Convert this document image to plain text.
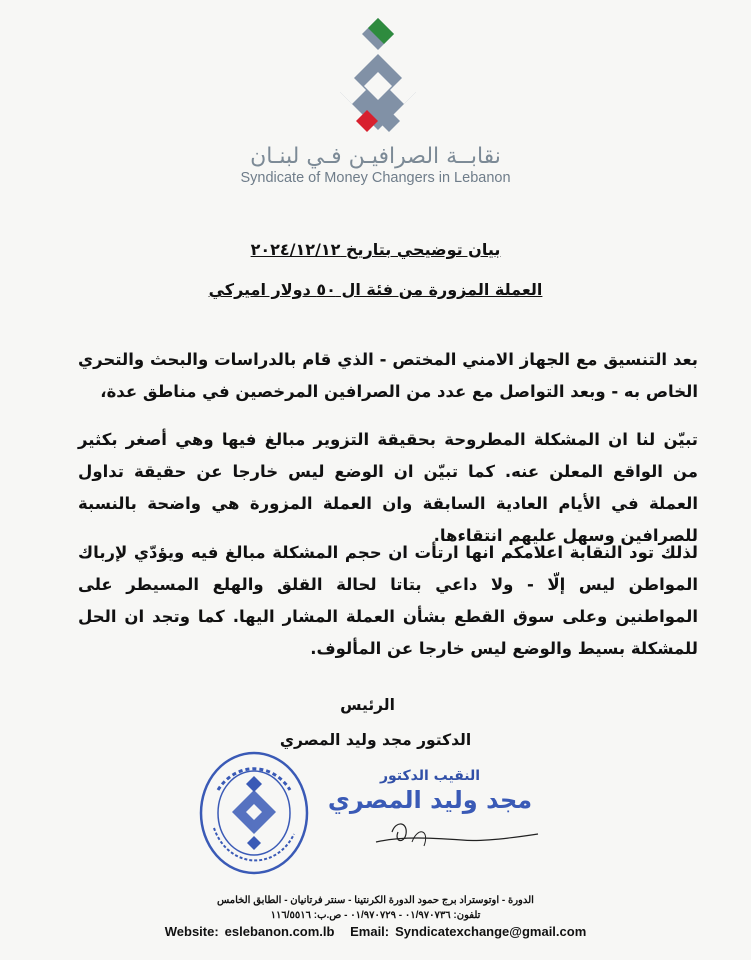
نقابــة الصرافيـن فـي لبنـان
Syndicate of Money Changers in Lebanon
بيان توضيحي بتاريخ ٢٠٢٤/١٢/١٢
العملة المزورة من فئة ال ٥٠ دولار اميركي
بعد التنسيق مع الجهاز الامني المختص - الذي قام بالدراسات والبحث والتحري الخاص به - وبعد التواصل مع عدد من الصرافين المرخصين في مناطق عدة،
تبيّن لنا ان المشكلة المطروحة بحقيقة التزوير مبالغ فيها وهي أصغر بكثير من الواقع المعلن عنه. كما تبيّن ان الوضع ليس خارجا عن حقيقة تداول العملة في الأيام العادية السابقة وان العملة المزورة هي واضحة بالنسبة للصرافين وسهل عليهم انتقاءها.
لذلك تود النقابة اعلامكم انها ارتأت ان حجم المشكلة مبالغ فيه ويؤدّي لإرباك المواطن ليس إلّا - ولا داعي بتاتا لحالة القلق والهلع المسيطر على المواطنين وعلى سوق القطع بشأن العملة المشار اليها. كما وتجد ان الحل للمشكلة بسيط والوضع ليس خارجا عن المألوف.
الرئيس
الدكتور مجد وليد المصري
النقيب الدكتور
مجد وليد المصري
الدورة - اوتوستراد برج حمود الدورة الكرنتينا - سنتر فرتانيان - الطابق الخامس
تلفون: ٠١/٩٧٠٧٣٦ - ٠١/٩٧٠٧٢٩ - ص.ب: ١١٦/٥٥١٦
Website: eslebanon.com.lb Email: Syndicatexchange@gmail.com
